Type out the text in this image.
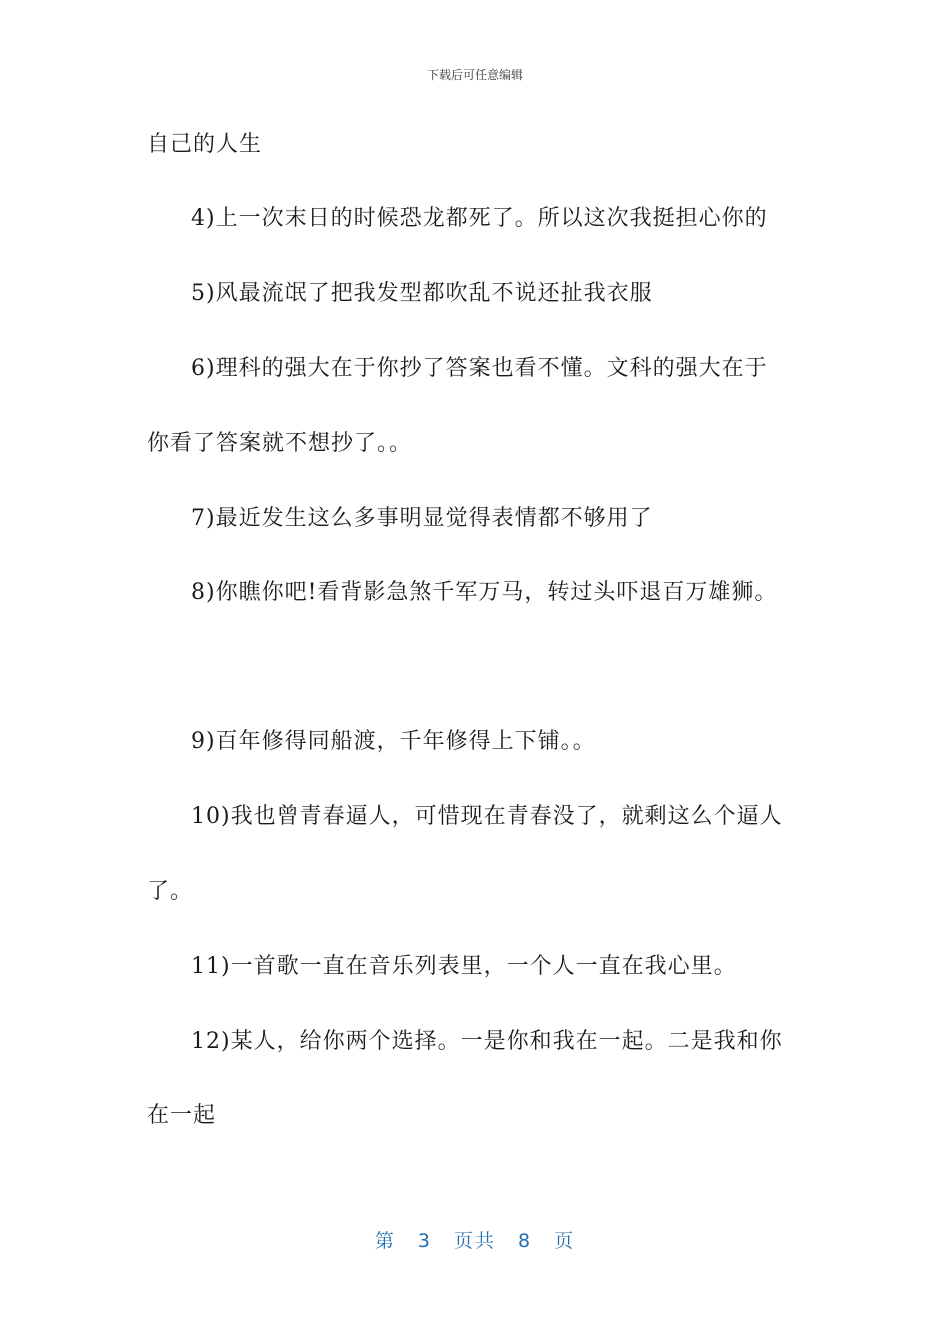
下载后可任意编辑
自己的人生
4)上一次末日的时候恐龙都死了。所以这次我挺担心你的
5)风最流氓了把我发型都吹乱不说还扯我衣服
6)理科的强大在于你抄了答案也看不懂。文科的强大在于
你看了答案就不想抄了。。
7)最近发生这么多事明显觉得表情都不够用了
8)你瞧你吧!看背影急煞千军万马，转过头吓退百万雄狮。
9)百年修得同船渡，千年修得上下铺。。
10)我也曾青春逼人，可惜现在青春没了，就剩这么个逼人
了。
11)一首歌一直在音乐列表里，一个人一直在我心里。
12)某人，给你两个选择。一是你和我在一起。二是我和你
在一起
第 3 页共 8 页
